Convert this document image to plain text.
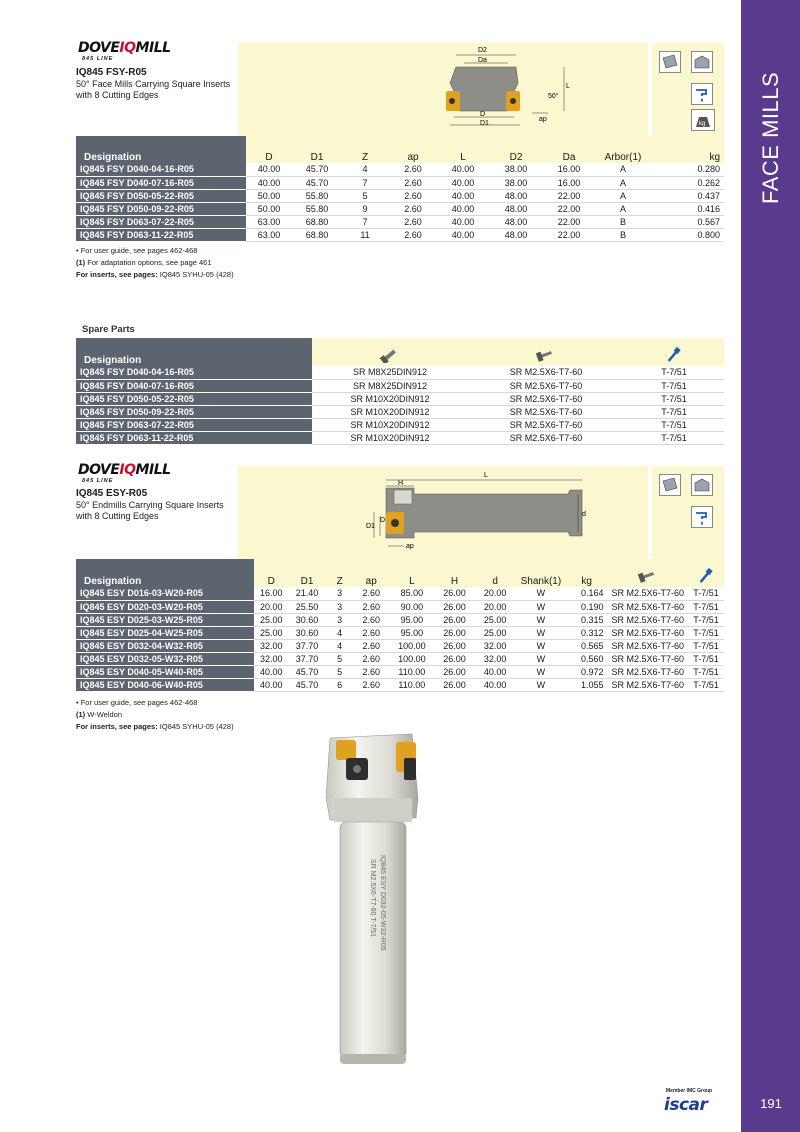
FACE MILLS
191
DOVEIQMILL
845 LINE
IQ845 FSY-R05
50° Face Mills Carrying Square Inserts with 8 Cutting Edges
D2
Da
50°
L
ap
D
D1	kg
Designation	D	D1	Z	ap	L	D2	Da	Arbor(1)	kg
IQ845 FSY D040-04-16-R05	40.00	45.70	4	2.60	40.00	38.00	16.00	A	0.280
IQ845 FSY D040-07-16-R05	40.00	45.70	7	2.60	40.00	38.00	16.00	A	0.262
IQ845 FSY D050-05-22-R05	50.00	55.80	5	2.60	40.00	48.00	22.00	A	0.437
IQ845 FSY D050-09-22-R05	50.00	55.80	9	2.60	40.00	48.00	22.00	A	0.416
IQ845 FSY D063-07-22-R05	63.00	68.80	7	2.60	40.00	48.00	22.00	B	0.567
IQ845 FSY D063-11-22-R05	63.00	68.80	11	2.60	40.00	48.00	22.00	B	0.800
• For user guide, see pages 462-468
(1) For adaptation options, see page 461
For inserts, see pages: IQ845 SYHU-05 (428)
Spare Parts
Designation			
IQ845 FSY D040-04-16-R05	SR M8X25DIN912	SR M2.5X6-T7-60	T-7/51
IQ845 FSY D040-07-16-R05	SR M8X25DIN912	SR M2.5X6-T7-60	T-7/51
IQ845 FSY D050-05-22-R05	SR M10X20DIN912	SR M2.5X6-T7-60	T-7/51
IQ845 FSY D050-09-22-R05	SR M10X20DIN912	SR M2.5X6-T7-60	T-7/51
IQ845 FSY D063-07-22-R05	SR M10X20DIN912	SR M2.5X6-T7-60	T-7/51
IQ845 FSY D063-11-22-R05	SR M10X20DIN912	SR M2.5X6-T7-60	T-7/51
DOVEIQMILL
845 LINE
IQ845 ESY-R05
50° Endmills Carrying Square Inserts with 8 Cutting Edges
L
H
D1
D
d
ap
Designation	D	D1	Z	ap	L	H	d	Shank(1)	kg		
IQ845 ESY D016-03-W20-R05	16.00	21.40	3	2.60	85.00	26.00	20.00	W	0.164	SR M2.5X6-T7-60	T-7/51
IQ845 ESY D020-03-W20-R05	20.00	25.50	3	2.60	90.00	26.00	20.00	W	0.190	SR M2.5X6-T7-60	T-7/51
IQ845 ESY D025-03-W25-R05	25.00	30.60	3	2.60	95.00	26.00	25.00	W	0.315	SR M2.5X6-T7-60	T-7/51
IQ845 ESY D025-04-W25-R05	25.00	30.60	4	2.60	95.00	26.00	25.00	W	0.312	SR M2.5X6-T7-60	T-7/51
IQ845 ESY D032-04-W32-R05	32.00	37.70	4	2.60	100.00	26.00	32.00	W	0.565	SR M2.5X6-T7-60	T-7/51
IQ845 ESY D032-05-W32-R05	32.00	37.70	5	2.60	100.00	26.00	32.00	W	0.560	SR M2.5X6-T7-60	T-7/51
IQ845 ESY D040-05-W40-R05	40.00	45.70	5	2.60	110.00	26.00	40.00	W	0.972	SR M2.5X6-T7-60	T-7/51
IQ845 ESY D040-06-W40-R05	40.00	45.70	6	2.60	110.00	26.00	40.00	W	1.055	SR M2.5X6-T7-60	T-7/51
• For user guide, see pages 462-468
(1) W-Weldon
For inserts, see pages: IQ845 SYHU-05 (428)
IQ845 ESY D032-05-W32-R05
SR M2.5X6-T7-60 T-7/51
Member IMC Group
iscar
